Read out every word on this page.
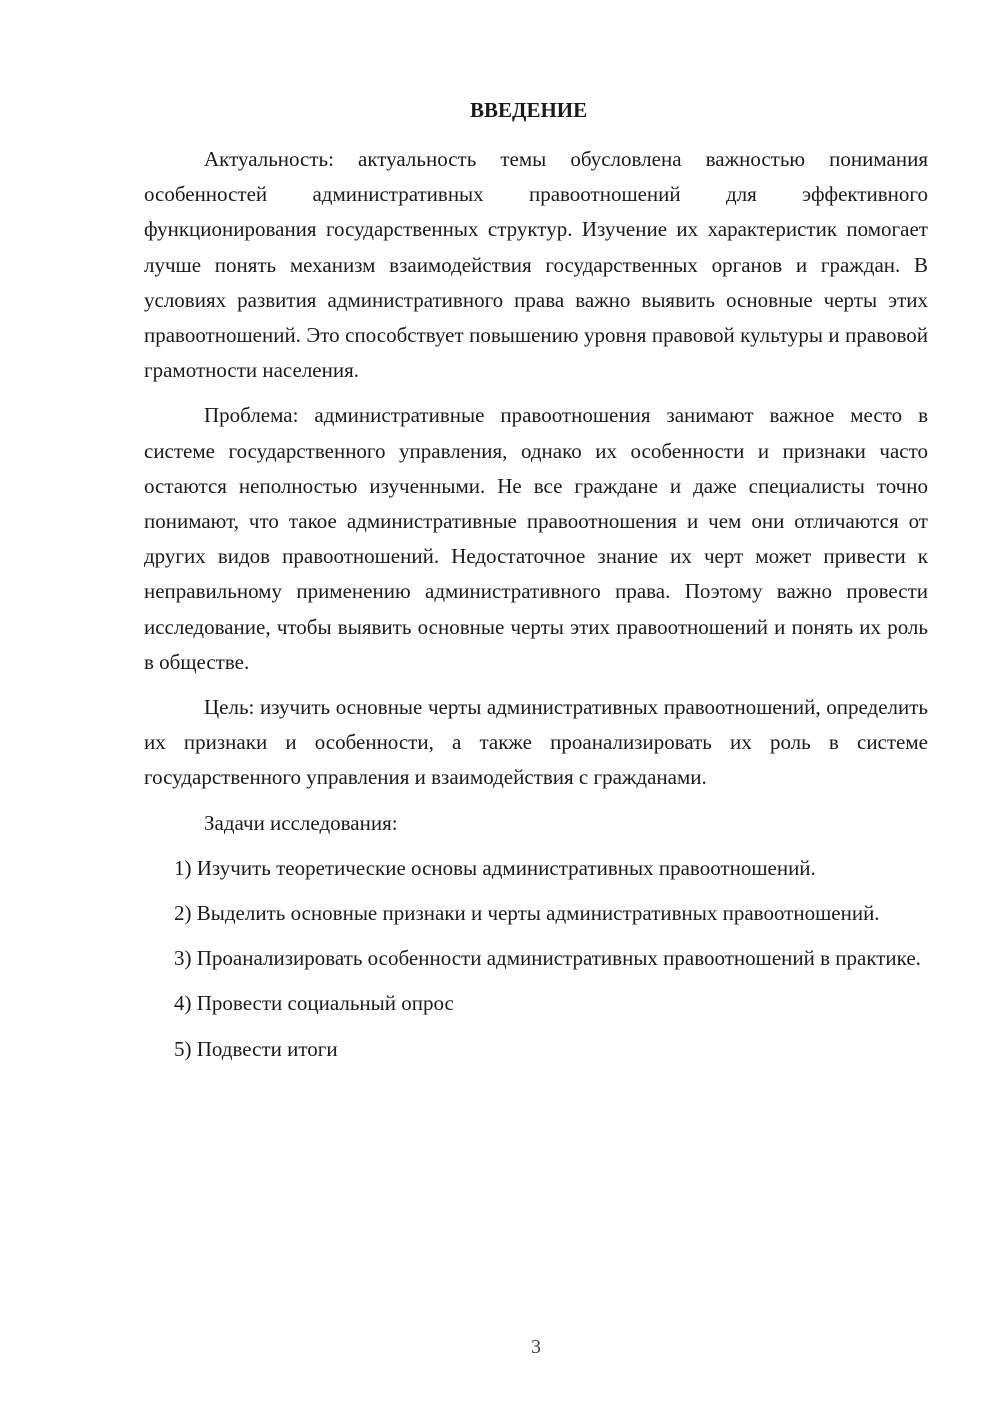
ВВЕДЕНИЕ

Актуальность: актуальность темы обусловлена важностью понимания особенностей административных правоотношений для эффективного функционирования государственных структур. Изучение их характеристик помогает лучше понять механизм взаимодействия государственных органов и граждан. В условиях развития административного права важно выявить основные черты этих правоотношений. Это способствует повышению уровня правовой культуры и правовой грамотности населения.

Проблема: административные правоотношения занимают важное место в системе государственного управления, однако их особенности и признаки часто остаются неполностью изученными. Не все граждане и даже специалисты точно понимают, что такое административные правоотношения и чем они отличаются от других видов правоотношений. Недостаточное знание их черт может привести к неправильному применению административного права. Поэтому важно провести исследование, чтобы выявить основные черты этих правоотношений и понять их роль в обществе.

Цель: изучить основные черты административных правоотношений, определить их признаки и особенности, а также проанализировать их роль в системе государственного управления и взаимодействия с гражданами.

Задачи исследования:

1) Изучить теоретические основы административных правоотношений.

2) Выделить основные признаки и черты административных правоотношений.

3) Проанализировать особенности административных правоотношений в практике.

4) Провести социальный опрос

5) Подвести итоги

3
